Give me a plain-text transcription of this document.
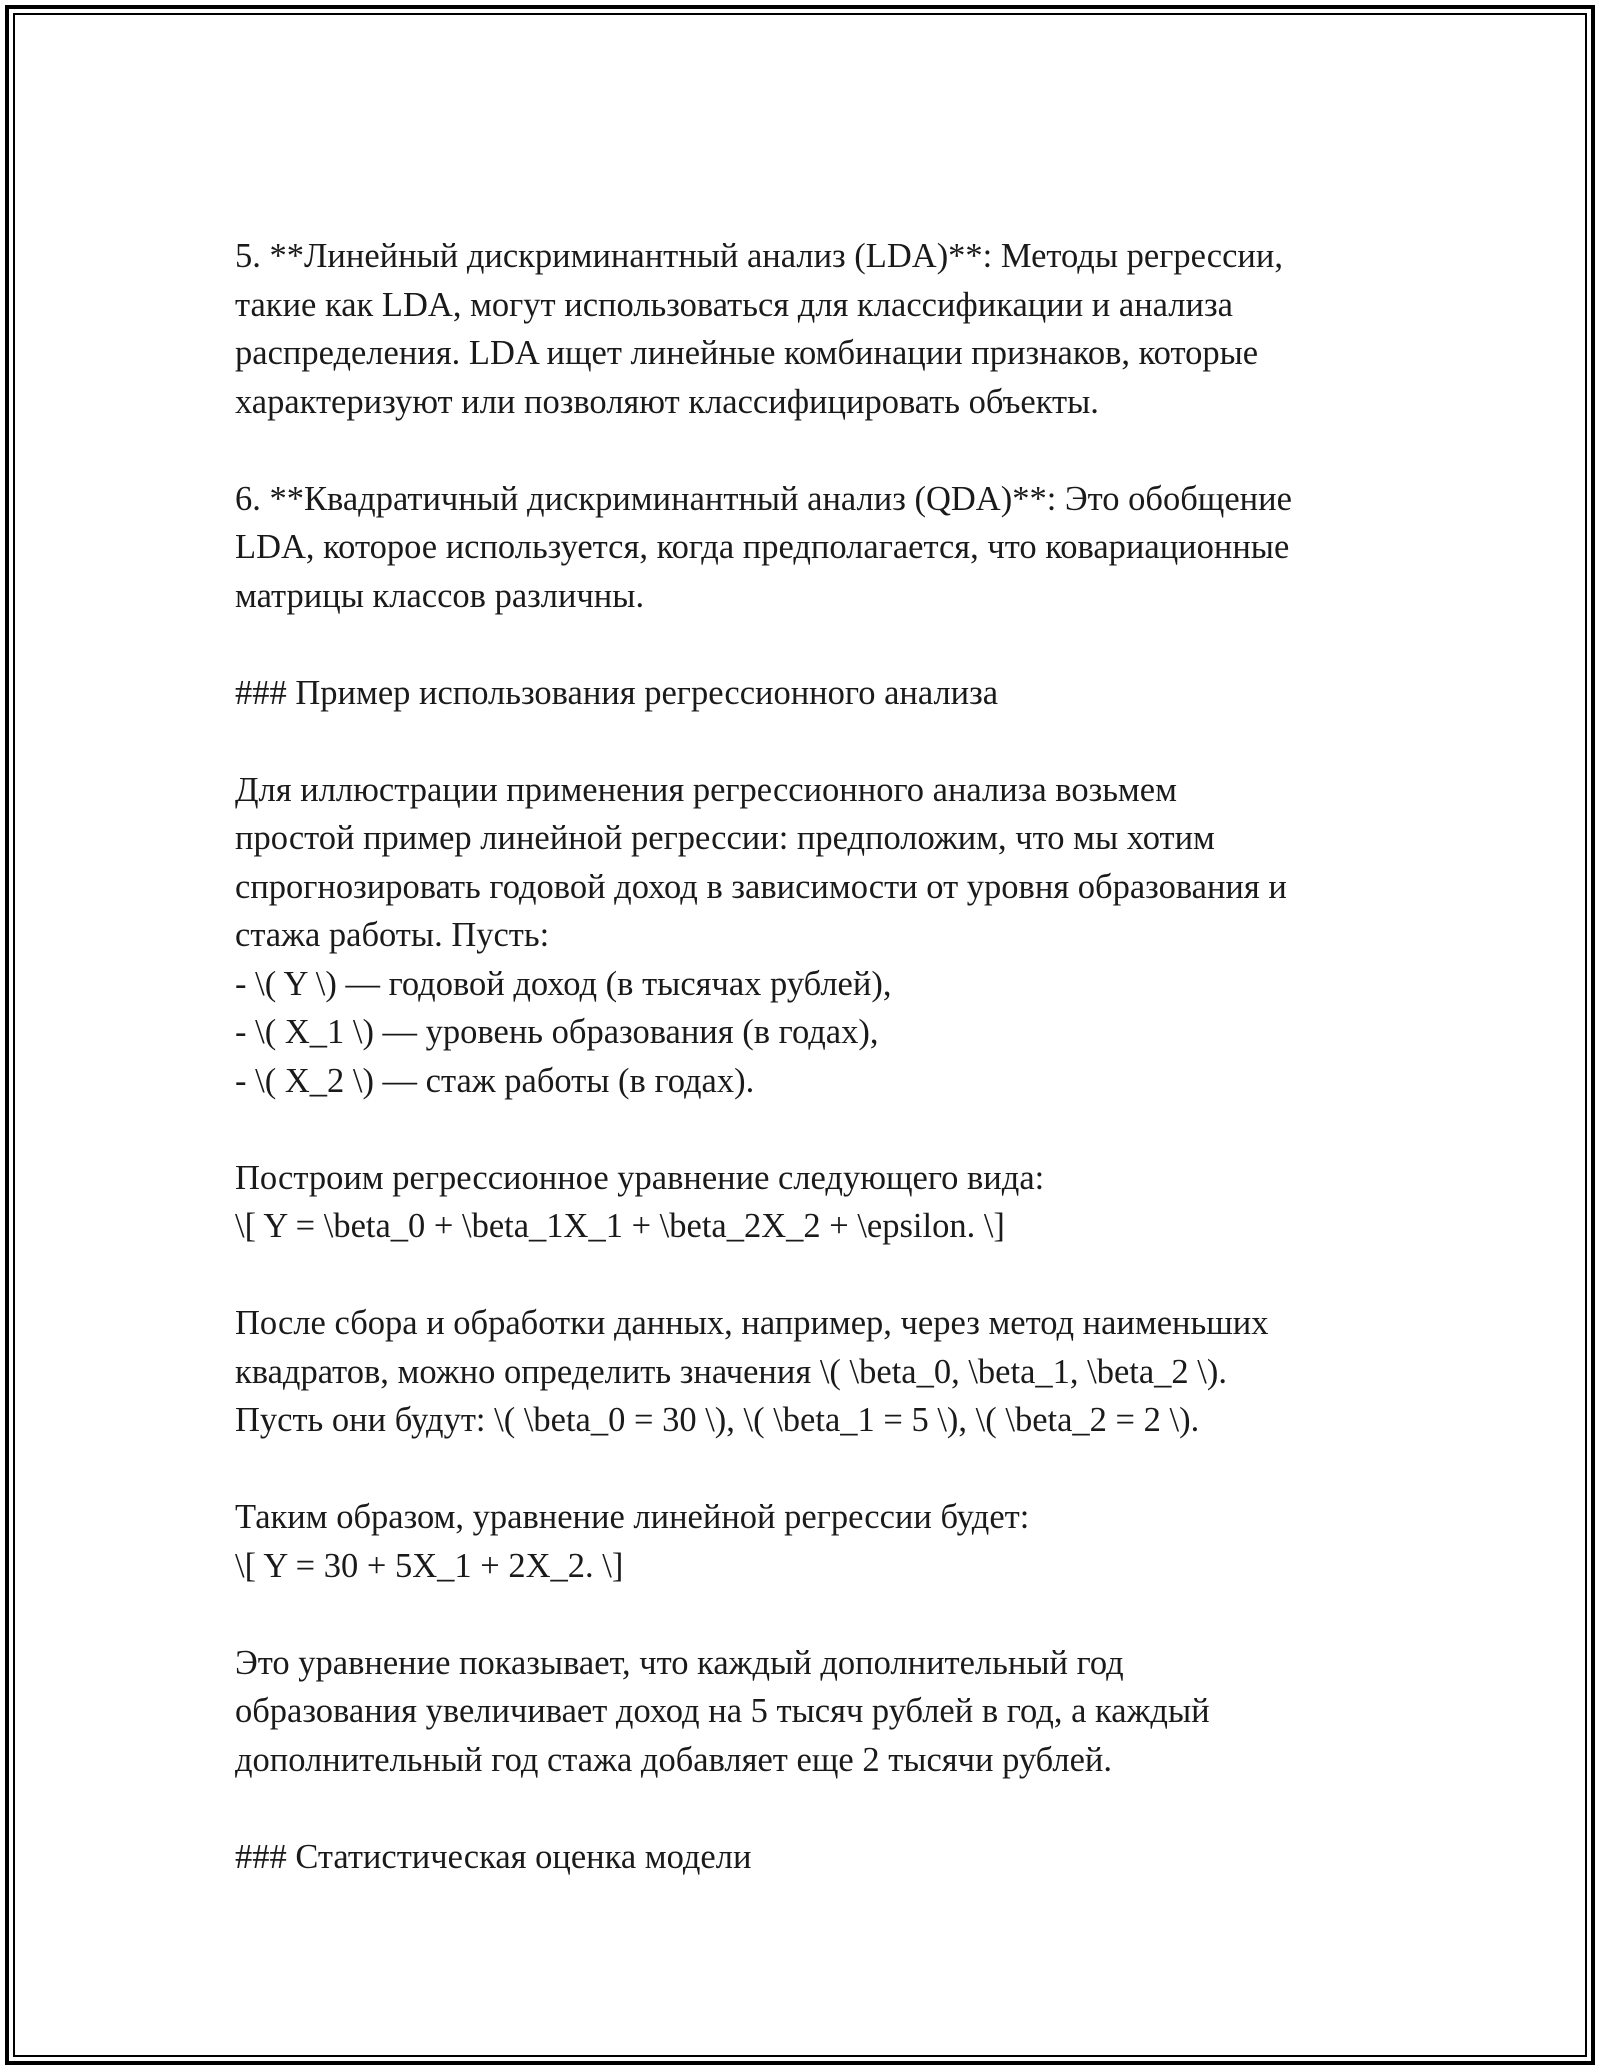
5. **Линейный дискриминантный анализ (LDA)**: Методы регрессии,
такие как LDA, могут использоваться для классификации и анализа
распределения. LDA ищет линейные комбинации признаков, которые
характеризуют или позволяют классифицировать объекты.
6. **Квадратичный дискриминантный анализ (QDA)**: Это обобщение
LDA, которое используется, когда предполагается, что ковариационные
матрицы классов различны.
### Пример использования регрессионного анализа
Для иллюстрации применения регрессионного анализа возьмем
простой пример линейной регрессии: предположим, что мы хотим
спрогнозировать годовой доход в зависимости от уровня образования и
стажа работы. Пусть:
- \( Y \) — годовой доход (в тысячах рублей),
- \( X_1 \) — уровень образования (в годах),
- \( X_2 \) — стаж работы (в годах).
Построим регрессионное уравнение следующего вида:
\[ Y = \beta_0 + \beta_1X_1 + \beta_2X_2 + \epsilon. \]
После сбора и обработки данных, например, через метод наименьших
квадратов, можно определить значения \( \beta_0, \beta_1, \beta_2 \).
Пусть они будут: \( \beta_0 = 30 \), \( \beta_1 = 5 \), \( \beta_2 = 2 \).
Таким образом, уравнение линейной регрессии будет:
\[ Y = 30 + 5X_1 + 2X_2. \]
Это уравнение показывает, что каждый дополнительный год
образования увеличивает доход на 5 тысяч рублей в год, а каждый
дополнительный год стажа добавляет еще 2 тысячи рублей.
### Статистическая оценка модели
